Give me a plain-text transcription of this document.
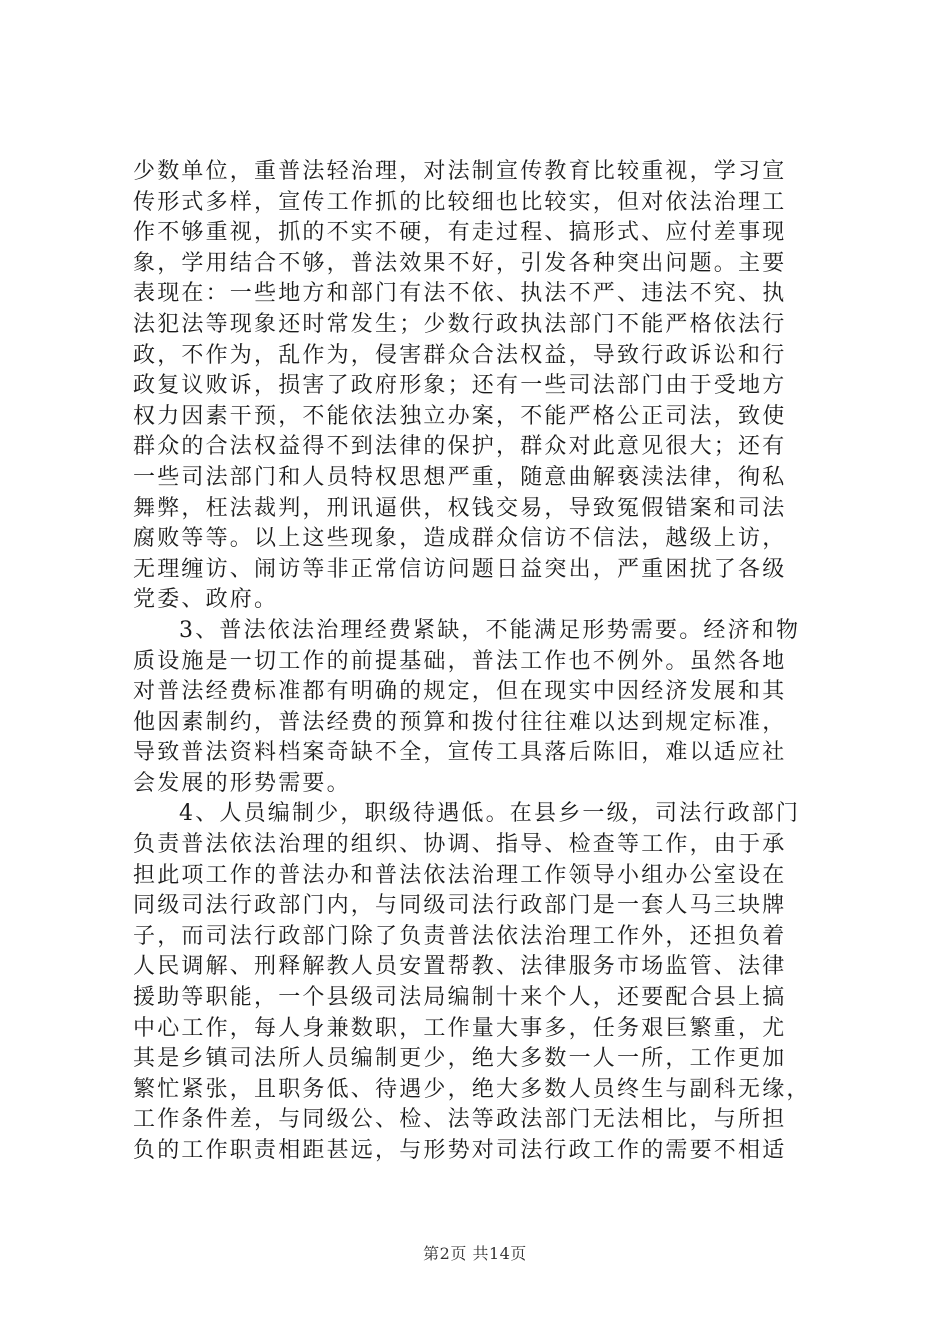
少数单位，重普法轻治理，对法制宣传教育比较重视，学习宣
传形式多样，宣传工作抓的比较细也比较实，但对依法治理工
作不够重视，抓的不实不硬，有走过程、搞形式、应付差事现
象，学用结合不够，普法效果不好，引发各种突出问题。主要
表现在：一些地方和部门有法不依、执法不严、违法不究、执
法犯法等现象还时常发生；少数行政执法部门不能严格依法行
政，不作为，乱作为，侵害群众合法权益，导致行政诉讼和行
政复议败诉，损害了政府形象；还有一些司法部门由于受地方
权力因素干预，不能依法独立办案，不能严格公正司法，致使
群众的合法权益得不到法律的保护，群众对此意见很大；还有
一些司法部门和人员特权思想严重，随意曲解亵渎法律，徇私
舞弊，枉法裁判，刑讯逼供，权钱交易，导致冤假错案和司法
腐败等等。以上这些现象，造成群众信访不信法，越级上访，
无理缠访、闹访等非正常信访问题日益突出，严重困扰了各级
党委、政府。
3、普法依法治理经费紧缺，不能满足形势需要。经济和物
质设施是一切工作的前提基础，普法工作也不例外。虽然各地
对普法经费标准都有明确的规定，但在现实中因经济发展和其
他因素制约，普法经费的预算和拨付往往难以达到规定标准，
导致普法资料档案奇缺不全，宣传工具落后陈旧，难以适应社
会发展的形势需要。
4、人员编制少，职级待遇低。在县乡一级，司法行政部门
负责普法依法治理的组织、协调、指导、检查等工作，由于承
担此项工作的普法办和普法依法治理工作领导小组办公室设在
同级司法行政部门内，与同级司法行政部门是一套人马三块牌
子，而司法行政部门除了负责普法依法治理工作外，还担负着
人民调解、刑释解教人员安置帮教、法律服务市场监管、法律
援助等职能，一个县级司法局编制十来个人，还要配合县上搞
中心工作，每人身兼数职，工作量大事多，任务艰巨繁重，尤
其是乡镇司法所人员编制更少，绝大多数一人一所，工作更加
繁忙紧张，且职务低、待遇少，绝大多数人员终生与副科无缘，
工作条件差，与同级公、检、法等政法部门无法相比，与所担
负的工作职责相距甚远，与形势对司法行政工作的需要不相适
第2页 共14页
